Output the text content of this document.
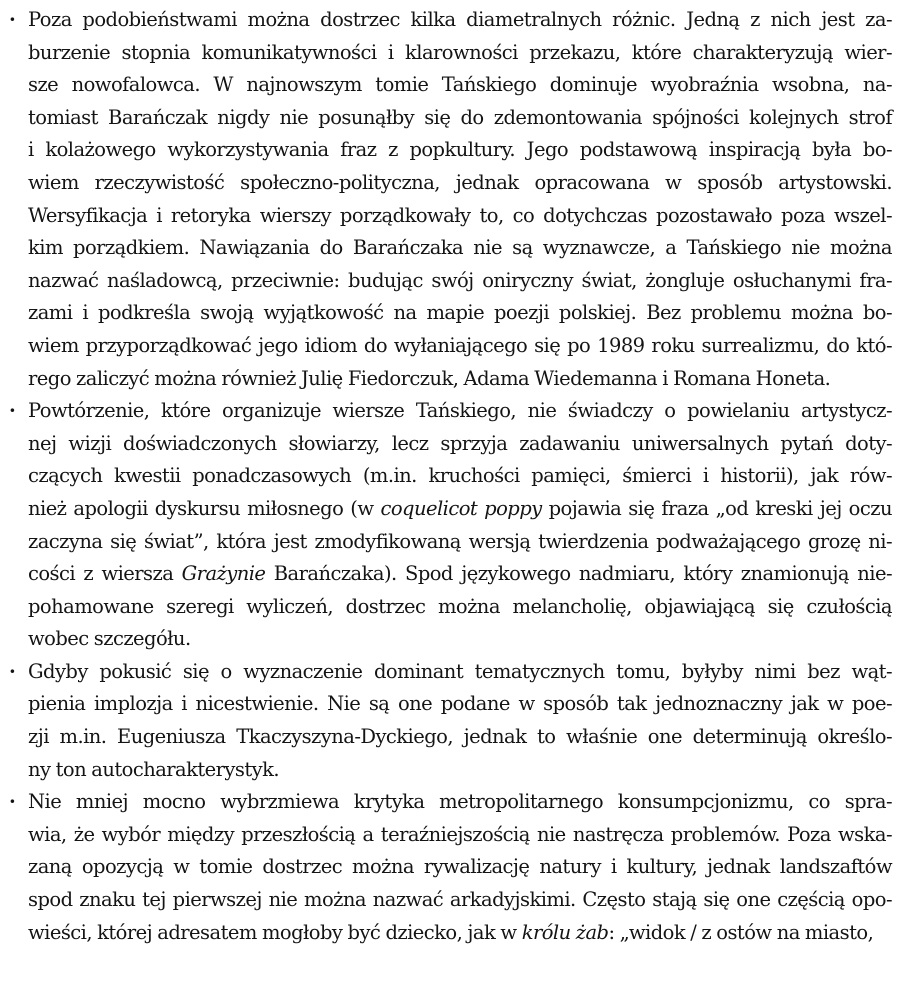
· Poza podobieństwami można dostrzec kilka diametralnych różnic. Jedną z nich jest za-
burzenie stopnia komunikatywności i klarowności przekazu, które charakteryzują wier-
sze nowofalowca. W najnowszym tomie Tańskiego dominuje wyobraźnia wsobna, na-
tomiast Barańczak nigdy nie posunąłby się do zdemontowania spójności kolejnych strof
i kolażowego wykorzystywania fraz z popkultury. Jego podstawową inspiracją była bo-
wiem rzeczywistość społeczno-polityczna, jednak opracowana w sposób artystowski.
Wersyfikacja i retoryka wierszy porządkowały to, co dotychczas pozostawało poza wszel-
kim porządkiem. Nawiązania do Barańczaka nie są wyznawcze, a Tańskiego nie można
nazwać naśladowcą, przeciwnie: budując swój oniryczny świat, żongluje osłuchanymi fra-
zami i podkreśla swoją wyjątkowość na mapie poezji polskiej. Bez problemu można bo-
wiem przyporządkować jego idiom do wyłaniającego się po 1989 roku surrealizmu, do któ-
rego zaliczyć można również Julię Fiedorczuk, Adama Wiedemanna i Romana Honeta.

· Powtórzenie, które organizuje wiersze Tańskiego, nie świadczy o powielaniu artystycz-
nej wizji doświadczonych słowiarzy, lecz sprzyja zadawaniu uniwersalnych pytań doty-
czących kwestii ponadczasowych (m.in. kruchości pamięci, śmierci i historii), jak rów-
nież apologii dyskursu miłosnego (w coquelicot poppy pojawia się fraza „od kreski jej oczu
zaczyna się świat”, która jest zmodyfikowaną wersją twierdzenia podważającego grozę ni-
cości z wiersza Grażynie Barańczaka). Spod językowego nadmiaru, który znamionują nie-
pohamowane szeregi wyliczeń, dostrzec można melancholię, objawiającą się czułością
wobec szczegółu.

· Gdyby pokusić się o wyznaczenie dominant tematycznych tomu, byłyby nimi bez wąt-
pienia implozja i nicestwienie. Nie są one podane w sposób tak jednoznaczny jak w poe-
zji m.in. Eugeniusza Tkaczyszyna-Dyckiego, jednak to właśnie one determinują określo-
ny ton autocharakterystyk.

· Nie mniej mocno wybrzmiewa krytyka metropolitarnego konsumpcjonizmu, co spra-
wia, że wybór między przeszłością a teraźniejszością nie nastręcza problemów. Poza wska-
zaną opozycją w tomie dostrzec można rywalizację natury i kultury, jednak landszaftów
spod znaku tej pierwszej nie można nazwać arkadyjskimi. Często stają się one częścią opo-
wieści, której adresatem mogłoby być dziecko, jak w królu żab: „widok / z ostów na miasto,
